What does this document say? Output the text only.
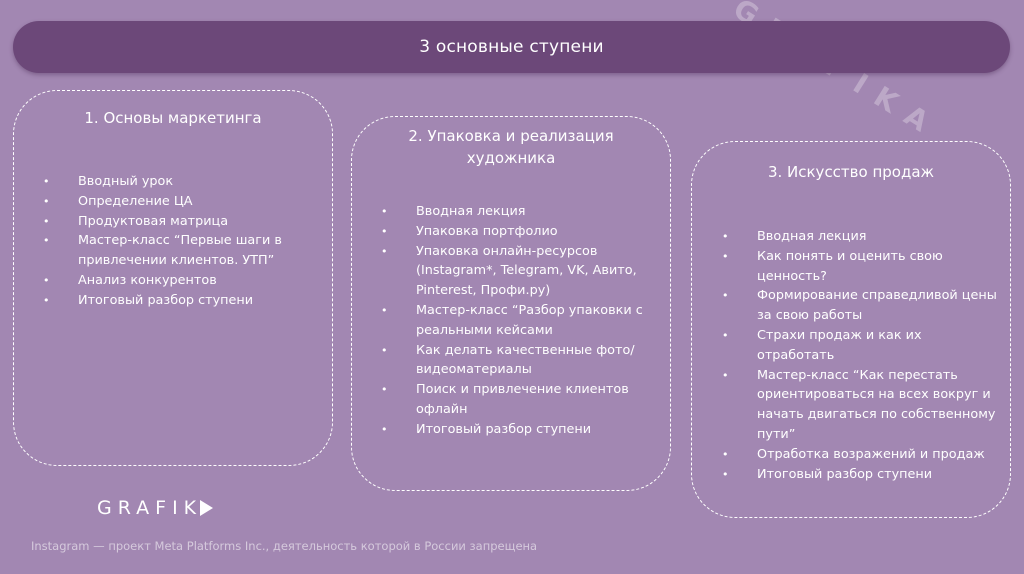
3 основные ступени
1. Основы маркетинга
• Вводный урок
• Определение ЦА
• Продуктовая матрица
• Мастер-класс “Первые шаги в привлечении клиентов. УТП”
• Анализ конкурентов
• Итоговый разбор ступени
2. Упаковка и реализация художника
• Вводная лекция
• Упаковка портфолио
• Упаковка онлайн-ресурсов (Instagram*, Telegram, VK, Авито, Pinterest, Профи.ру)
• Мастер-класс “Разбор упаковки с реальными кейсами
• Как делать качественные фото/видеоматериалы
• Поиск и привлечение клиентов офлайн
• Итоговый разбор ступени
3. Искусство продаж
• Вводная лекция
• Как понять и оценить свою ценность?
• Формирование справедливой цены за свою работы
• Страхи продаж и как их отработать
• Мастер-класс “Как перестать ориентироваться на всех вокруг и начать двигаться по собственному пути”
• Отработка возражений и продаж
• Итоговый разбор ступени
GRAFIK
Instagram — проект Meta Platforms Inc., деятельность которой в России запрещена
